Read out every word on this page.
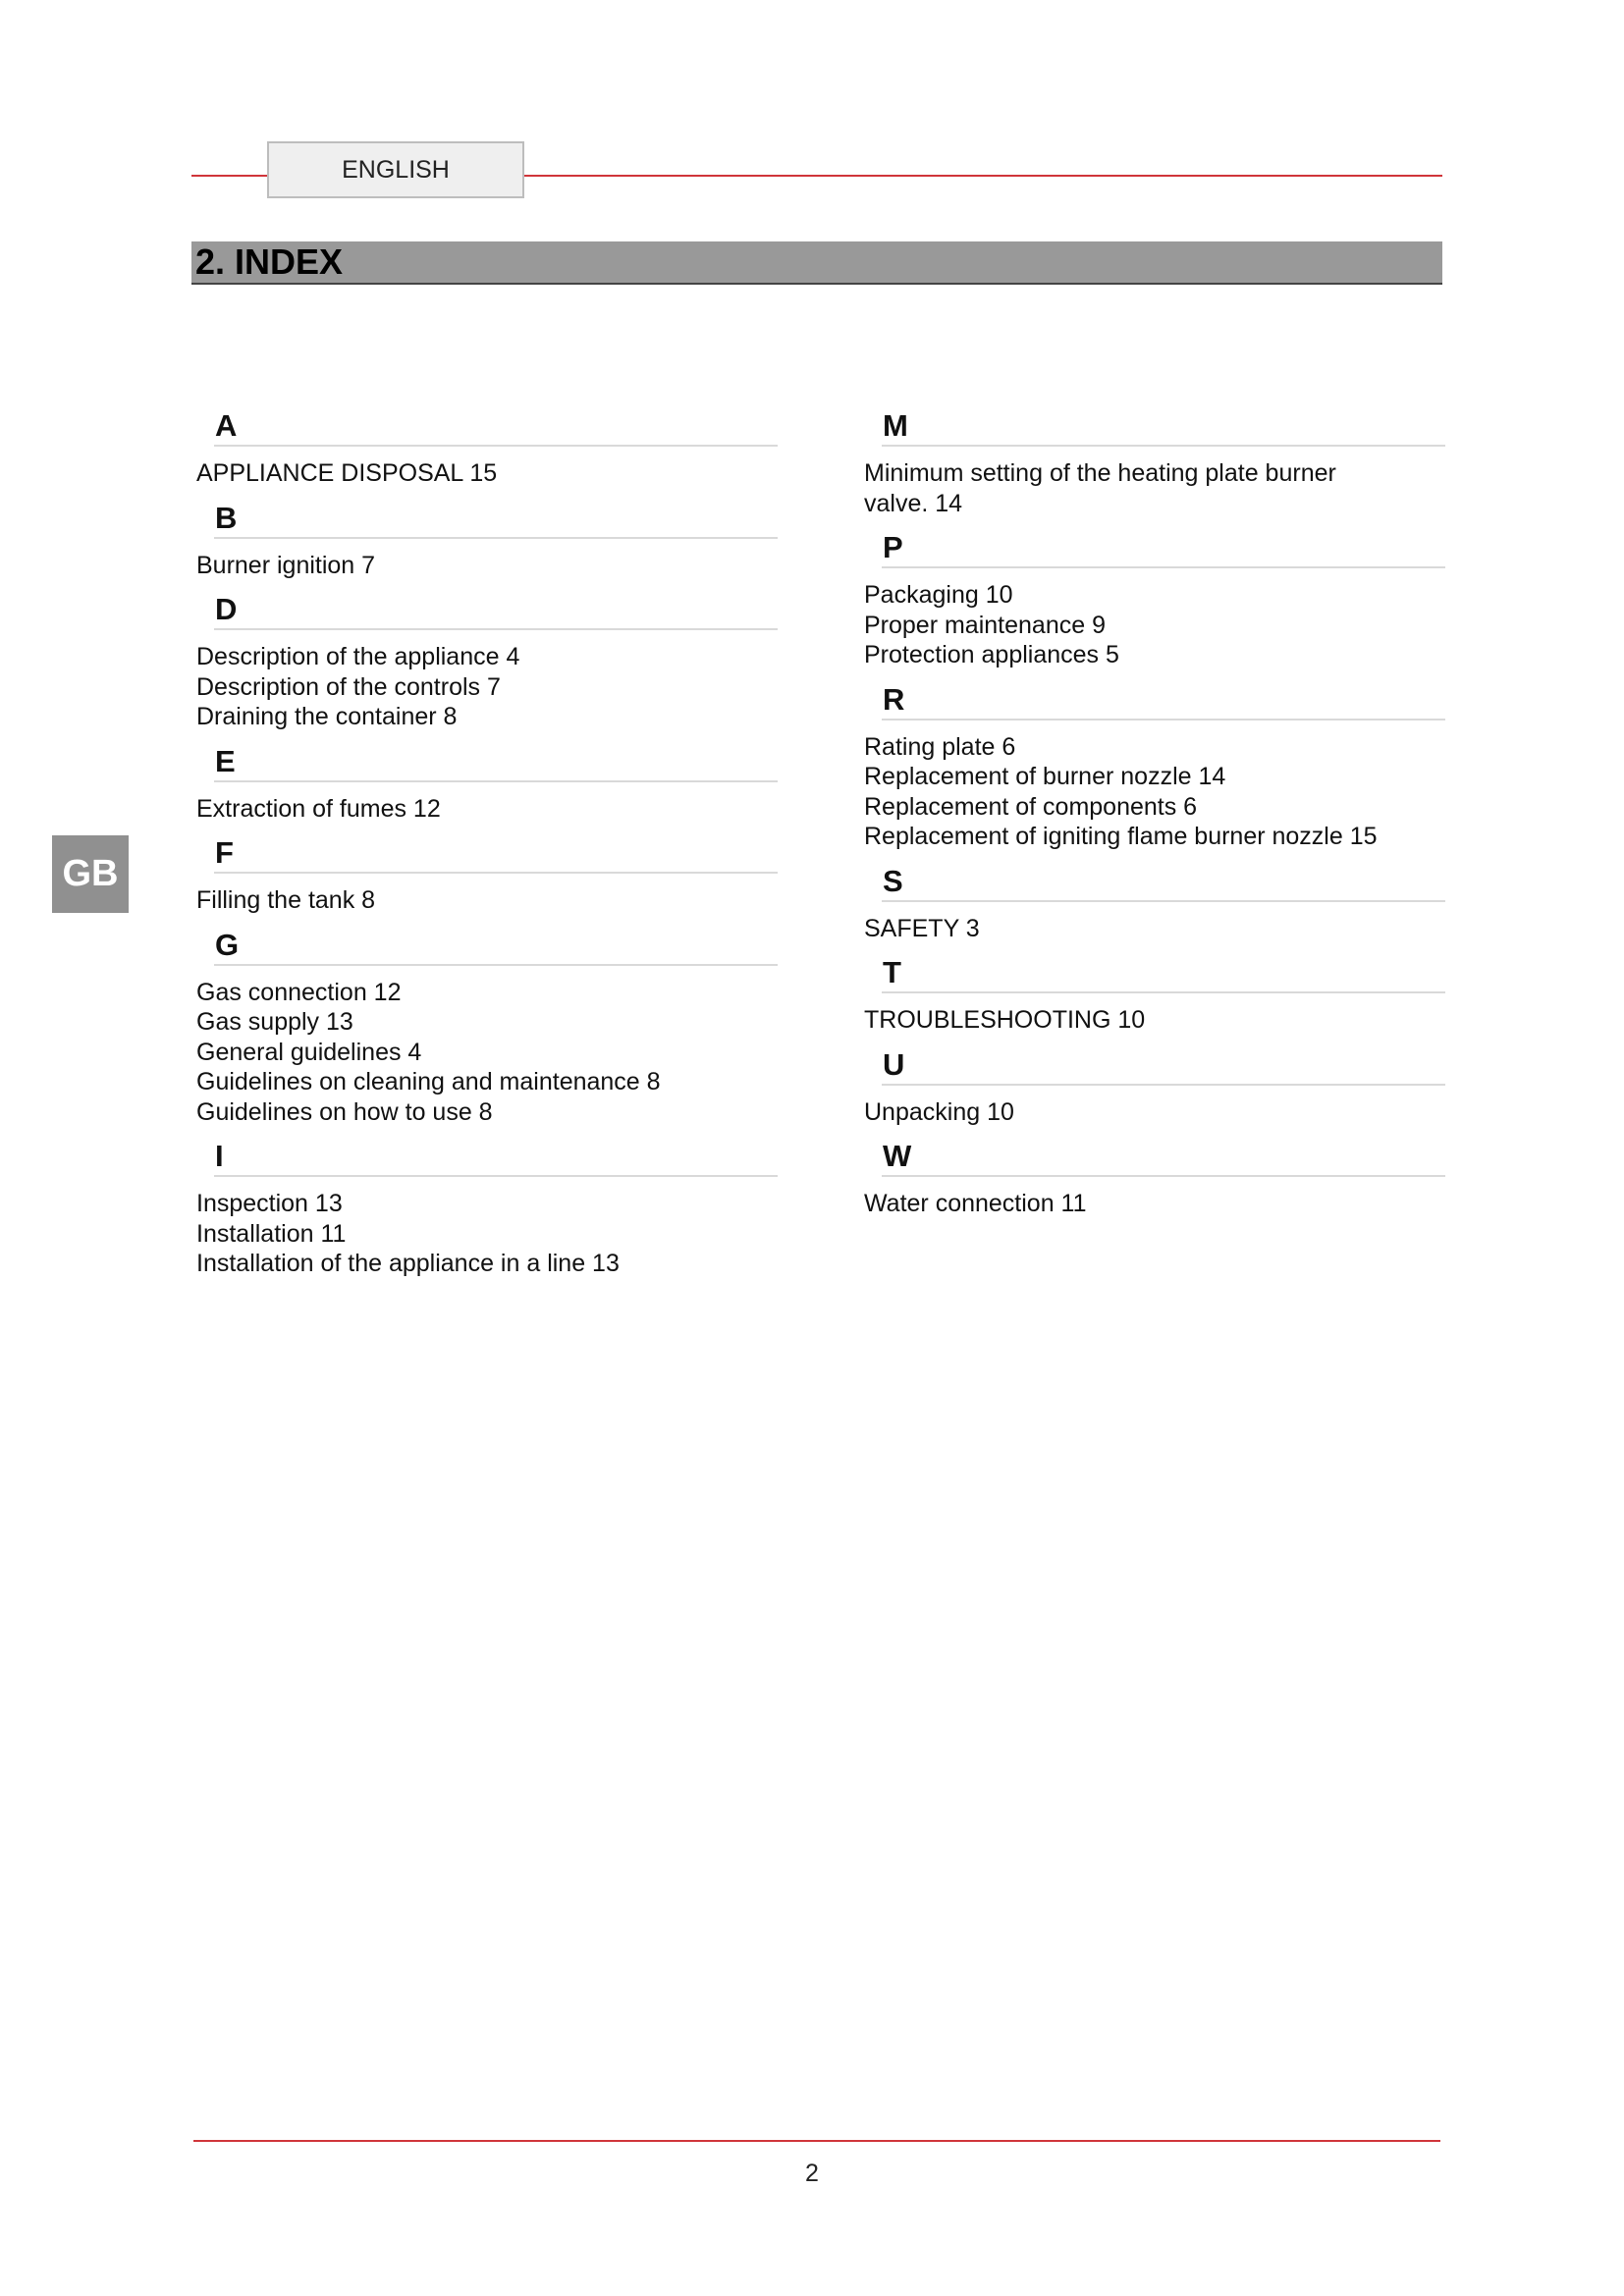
ENGLISH
2. INDEX
GB
A
APPLIANCE DISPOSAL 15
B
Burner ignition 7
D
Description of the appliance 4
Description of the controls 7
Draining the container 8
E
Extraction of fumes 12
F
Filling the tank 8
G
Gas connection 12
Gas supply 13
General guidelines 4
Guidelines on cleaning and maintenance 8
Guidelines on how to use 8
I
Inspection 13
Installation 11
Installation of the appliance in a line 13
M
Minimum setting of the heating plate burner
valve. 14
P
Packaging 10
Proper maintenance 9
Protection appliances 5
R
Rating plate 6
Replacement of burner nozzle 14
Replacement of components 6
Replacement of igniting flame burner nozzle 15
S
SAFETY 3
T
TROUBLESHOOTING 10
U
Unpacking 10
W
Water connection 11
2
